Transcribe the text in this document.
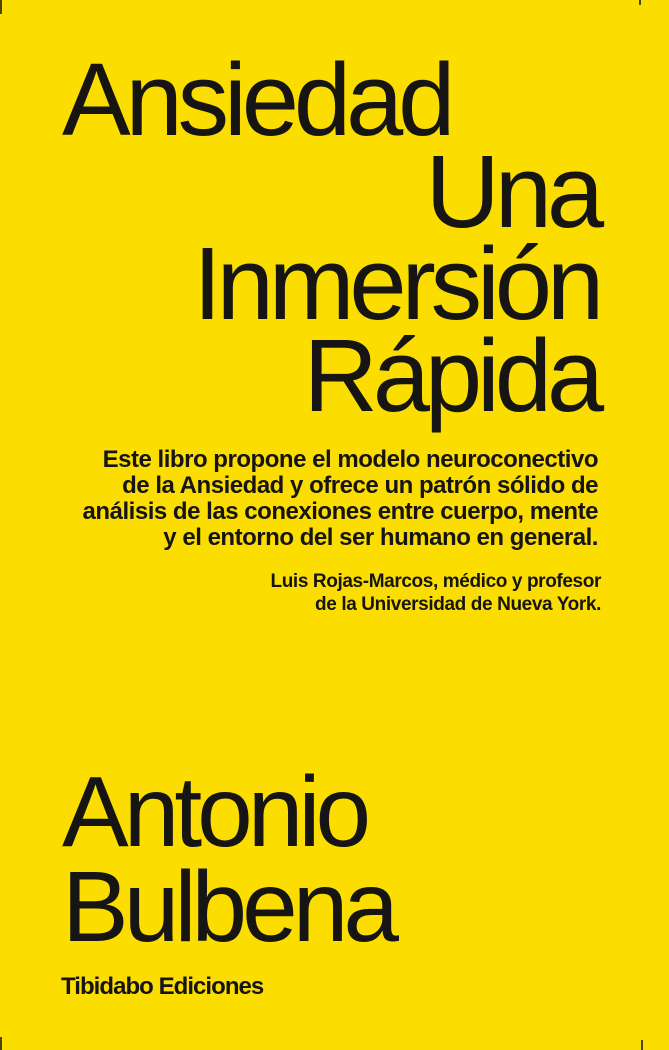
Ansiedad
Una
Inmersión
Rápida
Este libro propone el modelo neuroconectivo
de la Ansiedad y ofrece un patrón sólido de
análisis de las conexiones entre cuerpo, mente
y el entorno del ser humano en general.
Luis Rojas-Marcos, médico y profesor
de la Universidad de Nueva York.
Antonio
Bulbena
Tibidabo Ediciones
